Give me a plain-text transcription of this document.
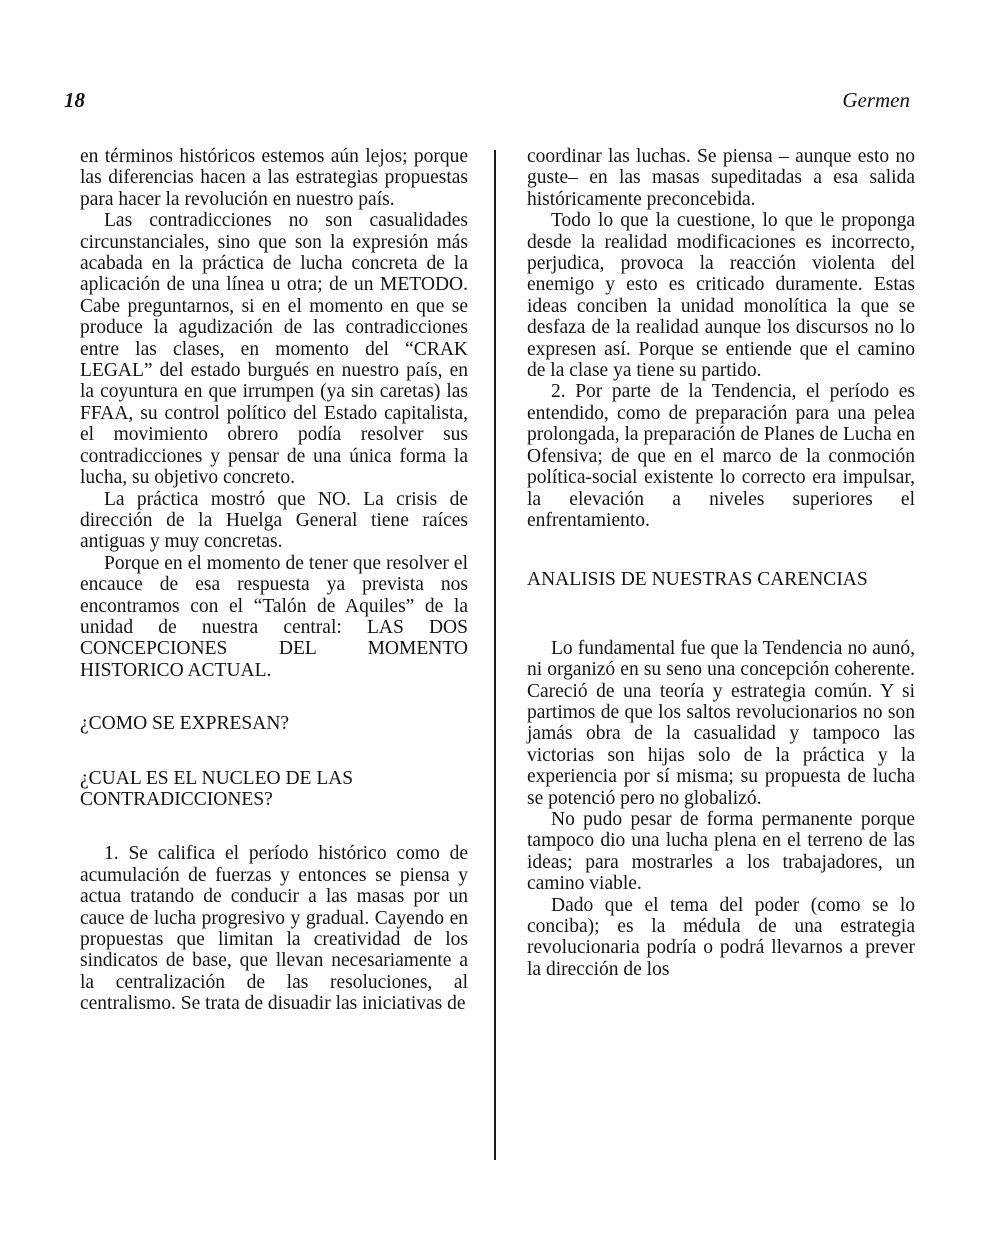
18	Germen

en términos históricos estemos aún lejos; porque las diferencias hacen a las estrategias propuestas para hacer la revolución en nuestro país.

Las contradicciones no son casualidades circunstanciales, sino que son la expresión más acabada en la práctica de lucha concreta de la aplicación de una línea u otra; de un METODO. Cabe preguntarnos, si en el momento en que se produce la agudización de las contradicciones entre las clases, en momento del “CRAK LEGAL” del estado burgués en nuestro país, en la coyuntura en que irrumpen (ya sin caretas) las FFAA, su control político del Estado capitalista, el movimiento obrero podía resolver sus contradicciones y pensar de una única forma la lucha, su objetivo concreto.

La práctica mostró que NO. La crisis de dirección de la Huelga General tiene raíces antiguas y muy concretas.

Porque en el momento de tener que resolver el encauce de esa respuesta ya prevista nos encontramos con el “Talón de Aquiles” de la unidad de nuestra central: LAS DOS CONCEPCIONES DEL MOMENTO HISTORICO ACTUAL.

¿COMO SE EXPRESAN?
¿CUAL ES EL NUCLEO DE LAS CONTRADICCIONES?

1. Se califica el período histórico como de acumulación de fuerzas y entonces se piensa y actua tratando de conducir a las masas por un cauce de lucha progresivo y gradual. Cayendo en propuestas que limitan la creatividad de los sindicatos de base, que llevan necesariamente a la centralización de las resoluciones, al centralismo. Se trata de disuadir las iniciativas de

coordinar las luchas. Se piensa – aunque esto no guste– en las masas supeditadas a esa salida históricamente preconcebida.

Todo lo que la cuestione, lo que le proponga desde la realidad modificaciones es incorrecto, perjudica, provoca la reacción violenta del enemigo y esto es criticado duramente. Estas ideas conciben la unidad monolítica la que se desfaza de la realidad aunque los discursos no lo expresen así. Porque se entiende que el camino de la clase ya tiene su partido.

2. Por parte de la Tendencia, el período es entendido, como de preparación para una pelea prolongada, la preparación de Planes de Lucha en Ofensiva; de que en el marco de la conmoción política-social existente lo correcto era impulsar, la elevación a niveles superiores el enfrentamiento.

ANALISIS DE NUESTRAS CARENCIAS

Lo fundamental fue que la Tendencia no aunó, ni organizó en su seno una concepción coherente. Careció de una teoría y estrategia común. Y si partimos de que los saltos revolucionarios no son jamás obra de la casualidad y tampoco las victorias son hijas solo de la práctica y la experiencia por sí misma; su propuesta de lucha se potenció pero no globalizó.

No pudo pesar de forma permanente porque tampoco dio una lucha plena en el terreno de las ideas; para mostrarles a los trabajadores, un camino viable.

Dado que el tema del poder (como se lo conciba); es la médula de una estrategia revolucionaria podría o podrá llevarnos a prever la dirección de los
